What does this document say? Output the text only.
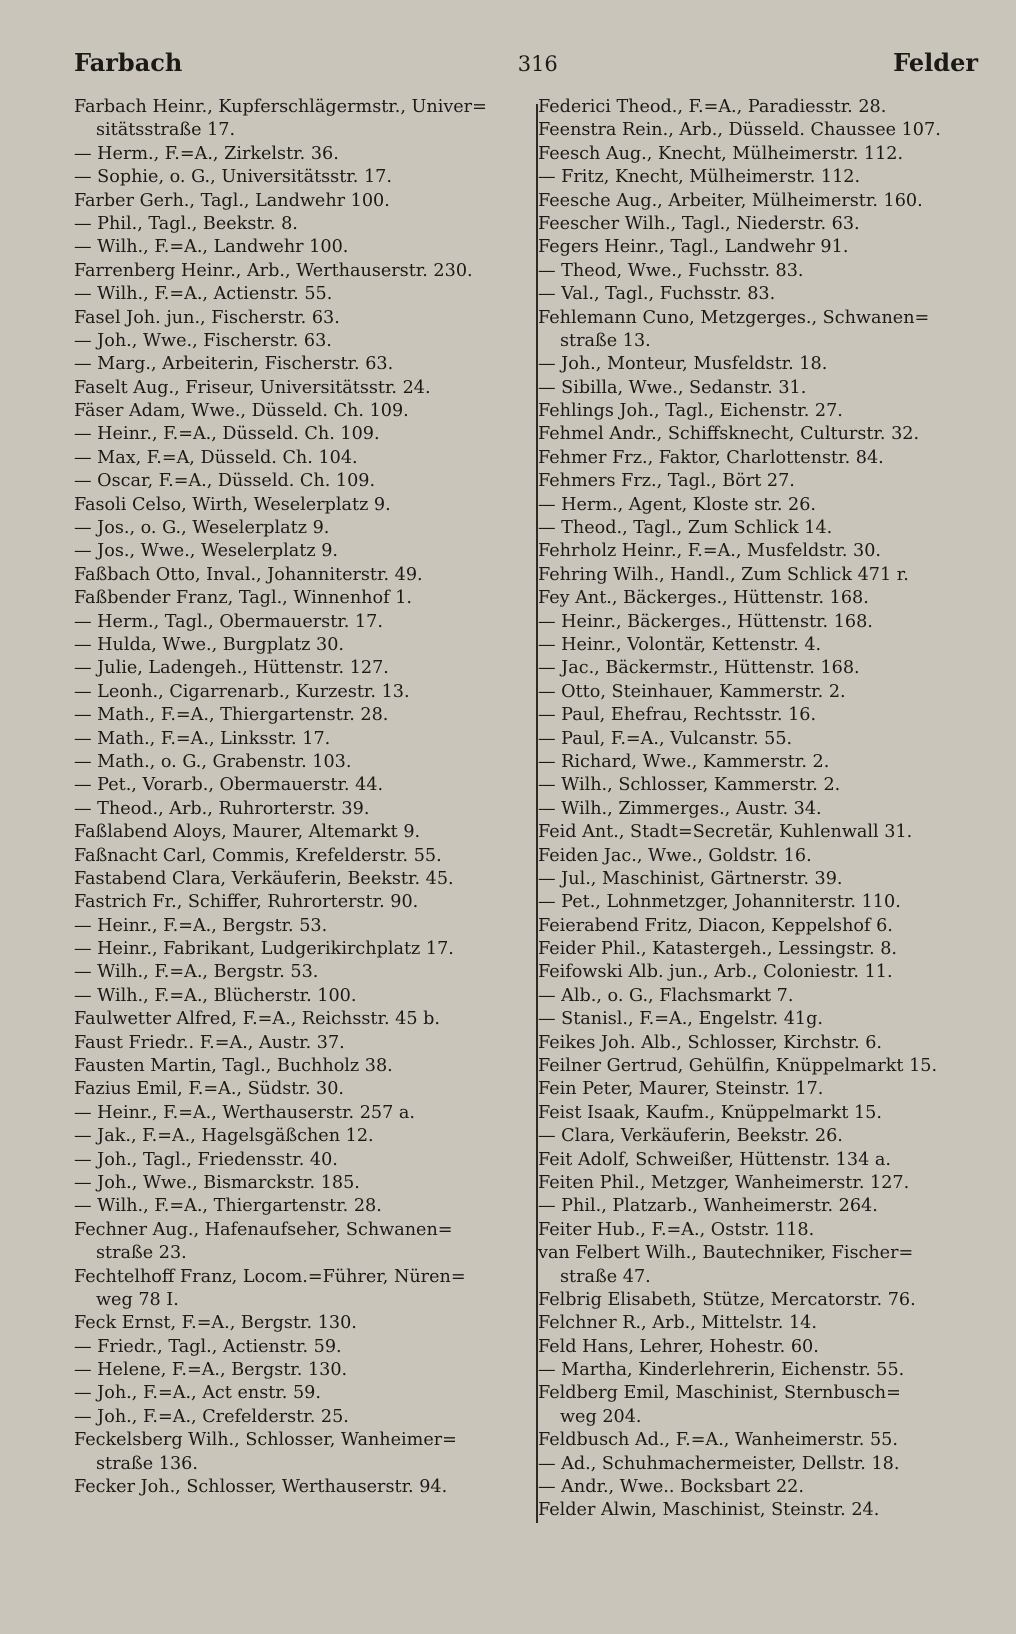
Farbach	316	Felder
Farbach Heinr., Kupferschlägermstr., Univer=
sitätsstraße 17.
— Herm., F.=A., Zirkelstr. 36.
— Sophie, o. G., Universitätsstr. 17.
Farber Gerh., Tagl., Landwehr 100.
— Phil., Tagl., Beekstr. 8.
— Wilh., F.=A., Landwehr 100.
Farrenberg Heinr., Arb., Werthauserstr. 230.
— Wilh., F.=A., Actienstr. 55.
Fasel Joh. jun., Fischerstr. 63.
— Joh., Wwe., Fischerstr. 63.
— Marg., Arbeiterin, Fischerstr. 63.
Faselt Aug., Friseur, Universitätsstr. 24.
Fäser Adam, Wwe., Düsseld. Ch. 109.
— Heinr., F.=A., Düsseld. Ch. 109.
— Max, F.=A, Düsseld. Ch. 104.
— Oscar, F.=A., Düsseld. Ch. 109.
Fasoli Celso, Wirth, Weselerplatz 9.
— Jos., o. G., Weselerplatz 9.
— Jos., Wwe., Weselerplatz 9.
Faßbach Otto, Inval., Johanniterstr. 49.
Faßbender Franz, Tagl., Winnenhof 1.
— Herm., Tagl., Obermauerstr. 17.
— Hulda, Wwe., Burgplatz 30.
— Julie, Ladengeh., Hüttenstr. 127.
— Leonh., Cigarrenarb., Kurzestr. 13.
— Math., F.=A., Thiergartenstr. 28.
— Math., F.=A., Linksstr. 17.
— Math., o. G., Grabenstr. 103.
— Pet., Vorarb., Obermauerstr. 44.
— Theod., Arb., Ruhrorterstr. 39.
Faßlabend Aloys, Maurer, Altemarkt 9.
Faßnacht Carl, Commis, Krefelderstr. 55.
Fastabend Clara, Verkäuferin, Beekstr. 45.
Fastrich Fr., Schiffer, Ruhrorterstr. 90.
— Heinr., F.=A., Bergstr. 53.
— Heinr., Fabrikant, Ludgerikirchplatz 17.
— Wilh., F.=A., Bergstr. 53.
— Wilh., F.=A., Blücherstr. 100.
Faulwetter Alfred, F.=A., Reichsstr. 45 b.
Faust Friedr.. F.=A., Austr. 37.
Fausten Martin, Tagl., Buchholz 38.
Fazius Emil, F.=A., Südstr. 30.
— Heinr., F.=A., Werthauserstr. 257 a.
— Jak., F.=A., Hagelsgäßchen 12.
— Joh., Tagl., Friedensstr. 40.
— Joh., Wwe., Bismarckstr. 185.
— Wilh., F.=A., Thiergartenstr. 28.
Fechner Aug., Hafenaufseher, Schwanen=
straße 23.
Fechtelhoff Franz, Locom.=Führer, Nüren=
weg 78 I.
Feck Ernst, F.=A., Bergstr. 130.
— Friedr., Tagl., Actienstr. 59.
— Helene, F.=A., Bergstr. 130.
— Joh., F.=A., Act enstr. 59.
— Joh., F.=A., Crefelderstr. 25.
Feckelsberg Wilh., Schlosser, Wanheimer=
straße 136.
Fecker Joh., Schlosser, Werthauserstr. 94.
Federici Theod., F.=A., Paradiesstr. 28.
Feenstra Rein., Arb., Düsseld. Chaussee 107.
Feesch Aug., Knecht, Mülheimerstr. 112.
— Fritz, Knecht, Mülheimerstr. 112.
Feesche Aug., Arbeiter, Mülheimerstr. 160.
Feescher Wilh., Tagl., Niederstr. 63.
Fegers Heinr., Tagl., Landwehr 91.
— Theod, Wwe., Fuchsstr. 83.
— Val., Tagl., Fuchsstr. 83.
Fehlemann Cuno, Metzgerges., Schwanen=
straße 13.
— Joh., Monteur, Musfeldstr. 18.
— Sibilla, Wwe., Sedanstr. 31.
Fehlings Joh., Tagl., Eichenstr. 27.
Fehmel Andr., Schiffsknecht, Culturstr. 32.
Fehmer Frz., Faktor, Charlottenstr. 84.
Fehmers Frz., Tagl., Bört 27.
— Herm., Agent, Kloste str. 26.
— Theod., Tagl., Zum Schlick 14.
Fehrholz Heinr., F.=A., Musfeldstr. 30.
Fehring Wilh., Handl., Zum Schlick 471 r.
Fey Ant., Bäckerges., Hüttenstr. 168.
— Heinr., Bäckerges., Hüttenstr. 168.
— Heinr., Volontär, Kettenstr. 4.
— Jac., Bäckermstr., Hüttenstr. 168.
— Otto, Steinhauer, Kammerstr. 2.
— Paul, Ehefrau, Rechtsstr. 16.
— Paul, F.=A., Vulcanstr. 55.
— Richard, Wwe., Kammerstr. 2.
— Wilh., Schlosser, Kammerstr. 2.
— Wilh., Zimmerges., Austr. 34.
Feid Ant., Stadt=Secretär, Kuhlenwall 31.
Feiden Jac., Wwe., Goldstr. 16.
— Jul., Maschinist, Gärtnerstr. 39.
— Pet., Lohnmetzger, Johanniterstr. 110.
Feierabend Fritz, Diacon, Keppelshof 6.
Feider Phil., Katastergeh., Lessingstr. 8.
Feifowski Alb. jun., Arb., Coloniestr. 11.
— Alb., o. G., Flachsmarkt 7.
— Stanisl., F.=A., Engelstr. 41g.
Feikes Joh. Alb., Schlosser, Kirchstr. 6.
Feilner Gertrud, Gehülfin, Knüppelmarkt 15.
Fein Peter, Maurer, Steinstr. 17.
Feist Isaak, Kaufm., Knüppelmarkt 15.
— Clara, Verkäuferin, Beekstr. 26.
Feit Adolf, Schweißer, Hüttenstr. 134 a.
Feiten Phil., Metzger, Wanheimerstr. 127.
— Phil., Platzarb., Wanheimerstr. 264.
Feiter Hub., F.=A., Oststr. 118.
van Felbert Wilh., Bautechniker, Fischer=
straße 47.
Felbrig Elisabeth, Stütze, Mercatorstr. 76.
Felchner R., Arb., Mittelstr. 14.
Feld Hans, Lehrer, Hohestr. 60.
— Martha, Kinderlehrerin, Eichenstr. 55.
Feldberg Emil, Maschinist, Sternbusch=
weg 204.
Feldbusch Ad., F.=A., Wanheimerstr. 55.
— Ad., Schuhmachermeister, Dellstr. 18.
— Andr., Wwe.. Bocksbart 22.
Felder Alwin, Maschinist, Steinstr. 24.
